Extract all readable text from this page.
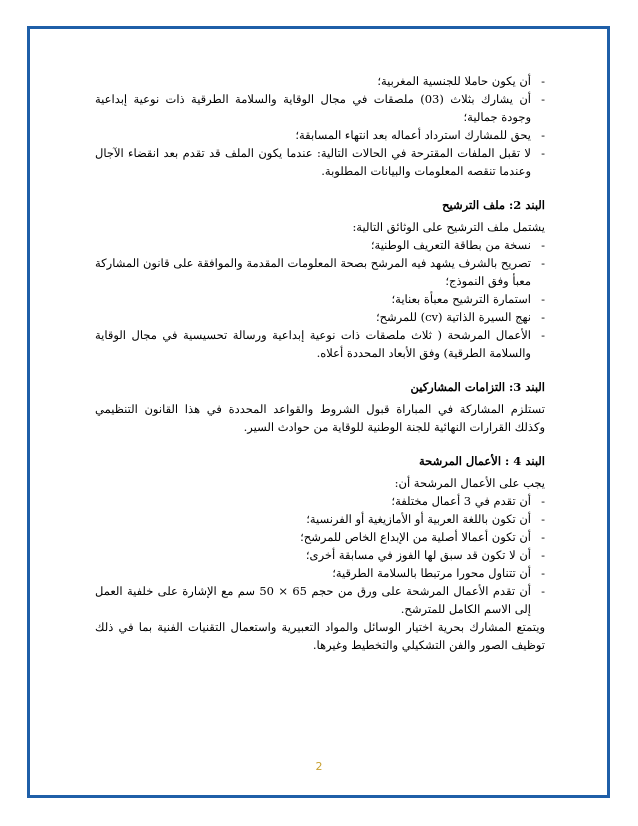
- أن يكون حاملا للجنسية المغربية؛
- أن يشارك بثلاث (03) ملصقات في مجال الوقاية والسلامة الطرقية ذات نوعية إبداعية وجودة جمالية؛
- يحق للمشارك استرداد أعماله بعد انتهاء المسابقة؛
- لا تقبل الملفات المقترحة في الحالات التالية: عندما يكون الملف قد تقدم بعد انقضاء الآجال وعندما تنقصه المعلومات والبيانات المطلوبة.

البند 2: ملف الترشيح

يشتمل ملف الترشيح على الوثائق التالية:

- نسخة من بطاقة التعريف الوطنية؛
- تصريح بالشرف يشهد فيه المرشح بصحة المعلومات المقدمة والموافقة على قانون المشاركة معبأ وفق النموذج؛
- استمارة الترشيح معبأة بعناية؛
- نهج السيرة الذاتية (cv) للمرشح؛
- الأعمال المرشحة ( ثلاث ملصقات ذات نوعية إبداعية ورسالة تحسيسية في مجال الوقاية والسلامة الطرقية) وفق الأبعاد المحددة أعلاه.

البند 3: التزامات المشاركين

تستلزم المشاركة في المباراة قبول الشروط والقواعد المحددة في هذا القانون التنظيمي وكذلك القرارات النهائية للجنة الوطنية للوقاية من حوادث السير.

البند 4 : الأعمال المرشحة

يجب على الأعمال المرشحة أن:

- أن تقدم في 3 أعمال مختلفة؛
- أن تكون باللغة العربية أو الأمازيغية أو الفرنسية؛
- أن تكون أعمالا أصلية من الإبداع الخاص للمرشح؛
- أن لا تكون قد سبق لها الفوز في مسابقة أخرى؛
- أن تتناول محورا مرتبطا بالسلامة الطرقية؛
- أن تقدم الأعمال المرشحة على ورق من حجم 65 × 50 سم مع الإشارة على خلفية العمل إلى الاسم الكامل للمترشح.

ويتمتع المشارك بحرية اختيار الوسائل والمواد التعبيرية واستعمال التقنيات الفنية بما في ذلك توظيف الصور والفن التشكيلي والتخطيط وغيرها.

2
